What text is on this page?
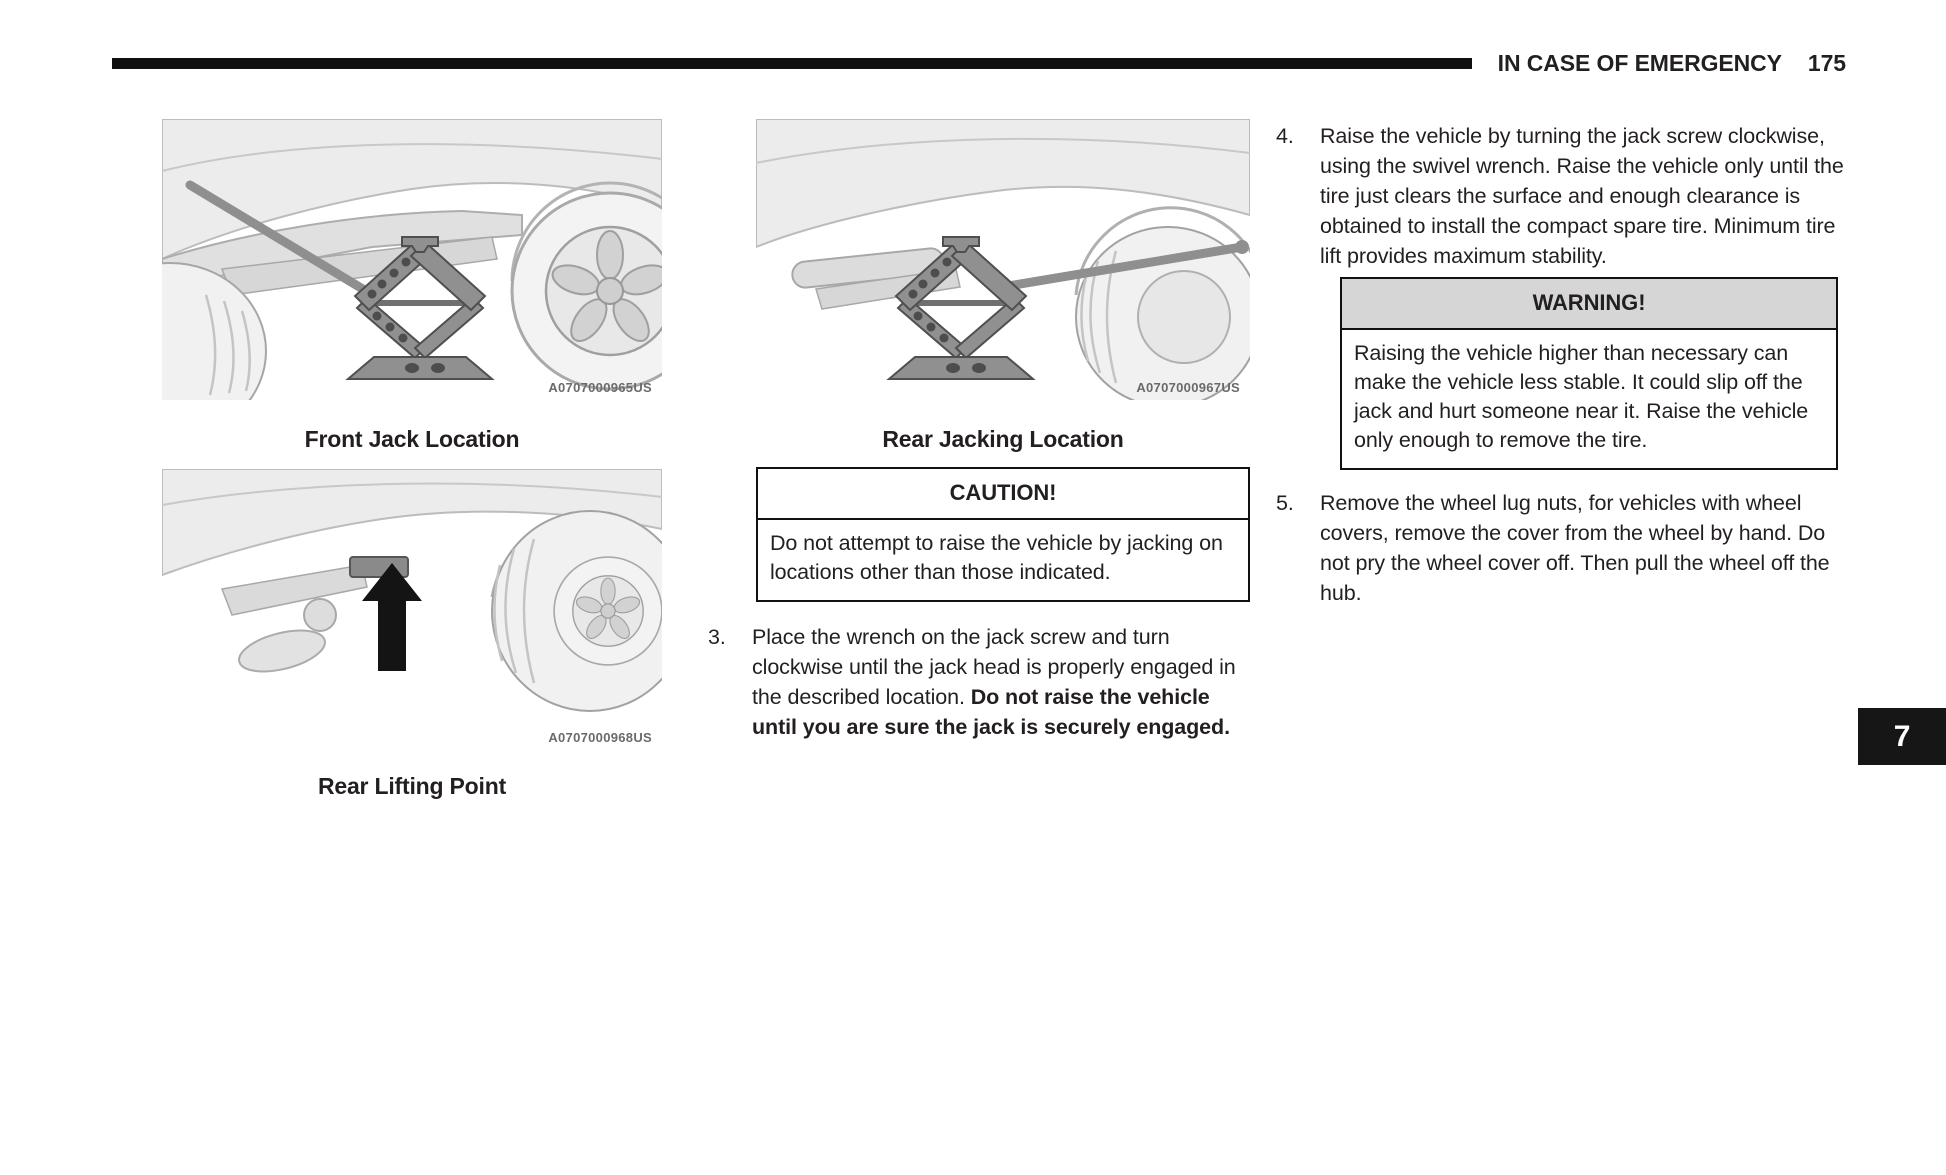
IN CASE OF EMERGENCY 175
A0707000965US
Front Jack Location
A0707000968US
Rear Lifting Point
A0707000967US
Rear Jacking Location
CAUTION!
Do not attempt to raise the vehicle by jacking on locations other than those indicated.
3.	Place the wrench on the jack screw and turn clockwise until the jack head is properly engaged in the described location. Do not raise the vehicle until you are sure the jack is securely engaged.
4.	Raise the vehicle by turning the jack screw clockwise, using the swivel wrench. Raise the vehicle only until the tire just clears the surface and enough clearance is obtained to install the compact spare tire. Minimum tire lift provides maximum stability.
WARNING!
Raising the vehicle higher than necessary can make the vehicle less stable. It could slip off the jack and hurt someone near it. Raise the vehicle only enough to remove the tire.
5.	Remove the wheel lug nuts, for vehicles with wheel covers, remove the cover from the wheel by hand. Do not pry the wheel cover off. Then pull the wheel off the hub.
7
